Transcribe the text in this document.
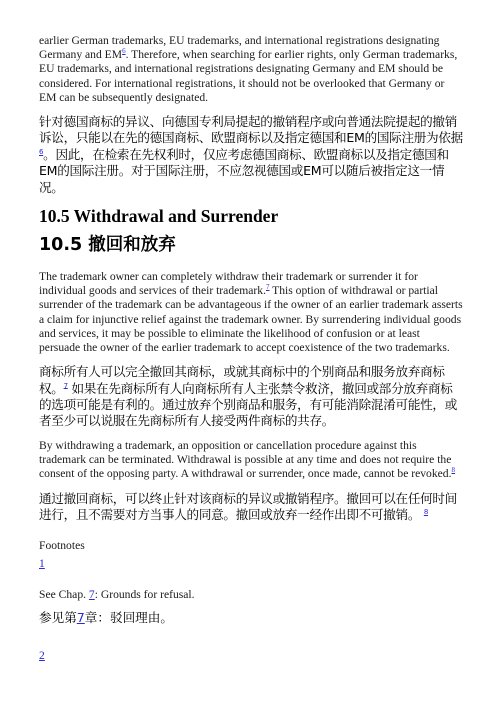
earlier German trademarks, EU trademarks, and international registrations designating Germany and EM$^6$. Therefore, when searching for earlier rights, only German trademarks, EU trademarks, and international registrations designating Germany and EM should be considered. For international registrations, it should not be overlooked that Germany or EM can be subsequently designated.

针对德国商标的异议、向德国专利局提起的撤销程序或向普通法院提起的撤销诉讼，只能以在先的德国商标、欧盟商标以及指定德国和EM的国际注册为依据$^6$。因此，在检索在先权利时，仅应考虑德国商标、欧盟商标以及指定德国和EM的国际注册。对于国际注册，不应忽视德国或EM可以随后被指定这一情况。

10.5 Withdrawal and Surrender
10.5 撤回和放弃

The trademark owner can completely withdraw their trademark or surrender it for individual goods and services of their trademark.$^7$ This option of withdrawal or partial surrender of the trademark can be advantageous if the owner of an earlier trademark asserts a claim for injunctive relief against the trademark owner. By surrendering individual goods and services, it may be possible to eliminate the likelihood of confusion or at least persuade the owner of the earlier trademark to accept coexistence of the two trademarks.

商标所有人可以完全撤回其商标，或就其商标中的个别商品和服务放弃商标权。$^7$ 如果在先商标所有人向商标所有人主张禁令救济，撤回或部分放弃商标的选项可能是有利的。通过放弃个别商品和服务，有可能消除混淆可能性，或者至少可以说服在先商标所有人接受两件商标的共存。

By withdrawing a trademark, an opposition or cancellation procedure against this trademark can be terminated. Withdrawal is possible at any time and does not require the consent of the opposing party. A withdrawal or surrender, once made, cannot be revoked.$^8$

通过撤回商标，可以终止针对该商标的异议或撤销程序。撤回可以在任何时间进行，且不需要对方当事人的同意。撤回或放弃一经作出即不可撤销。 $^8$

Footnotes
1

See Chap. 7: Grounds for refusal.

参见第7章：驳回理由。

2
